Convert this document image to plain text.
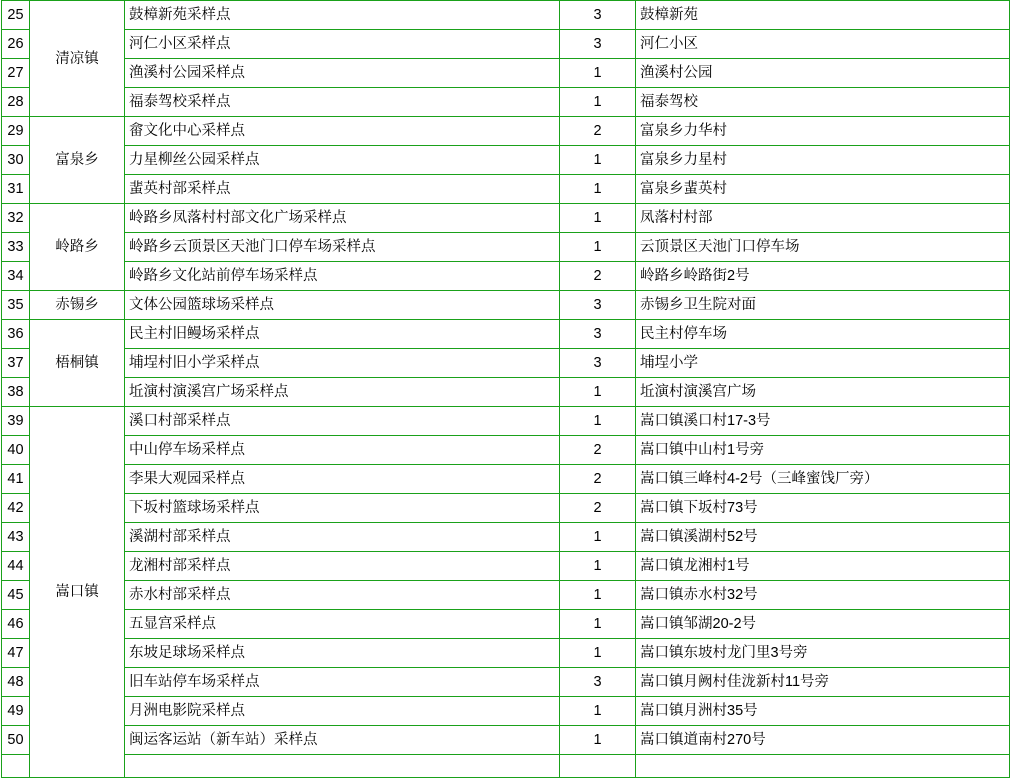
25	清凉镇	鼓樟新苑采样点	3	鼓樟新苑	
26		河仁小区采样点	3	河仁小区	
27		渔溪村公园采样点	1	渔溪村公园	
28		福泰驾校采样点	1	福泰驾校	
29	富泉乡	畲文化中心采样点	2	富泉乡力华村	
30		力星柳丝公园采样点	1	富泉乡力星村	
31		蜚英村部采样点	1	富泉乡蜚英村	
32	岭路乡	岭路乡凤落村村部文化广场采样点	1	凤落村村部	
33		岭路乡云顶景区天池门口停车场采样点	1	云顶景区天池门口停车场	
34		岭路乡文化站前停车场采样点	2	岭路乡岭路街2号	
35	赤锡乡	文体公园篮球场采样点	3	赤锡乡卫生院对面	
36	梧桐镇	民主村旧鳗场采样点	3	民主村停车场	
37		埔埕村旧小学采样点	3	埔埕小学	
38		坵演村演溪宫广场采样点	1	坵演村演溪宫广场	
39	嵩口镇	溪口村部采样点	1	嵩口镇溪口村17-3号	
40		中山停车场采样点	2	嵩口镇中山村1号旁	
41		李果大观园采样点	2	嵩口镇三峰村4-2号（三峰蜜饯厂旁）	
42		下坂村篮球场采样点	2	嵩口镇下坂村73号	
43		溪湖村部采样点	1	嵩口镇溪湖村52号	
44		龙湘村部采样点	1	嵩口镇龙湘村1号	
45		赤水村部采样点	1	嵩口镇赤水村32号	
46		五显宫采样点	1	嵩口镇邹湖20-2号	
47		东坡足球场采样点	1	嵩口镇东坡村龙门里3号旁	
48		旧车站停车场采样点	3	嵩口镇月阙村佳泷新村11号旁	
49		月洲电影院采样点	1	嵩口镇月洲村35号	
50		闽运客运站（新车站）采样点	1	嵩口镇道南村270号	
